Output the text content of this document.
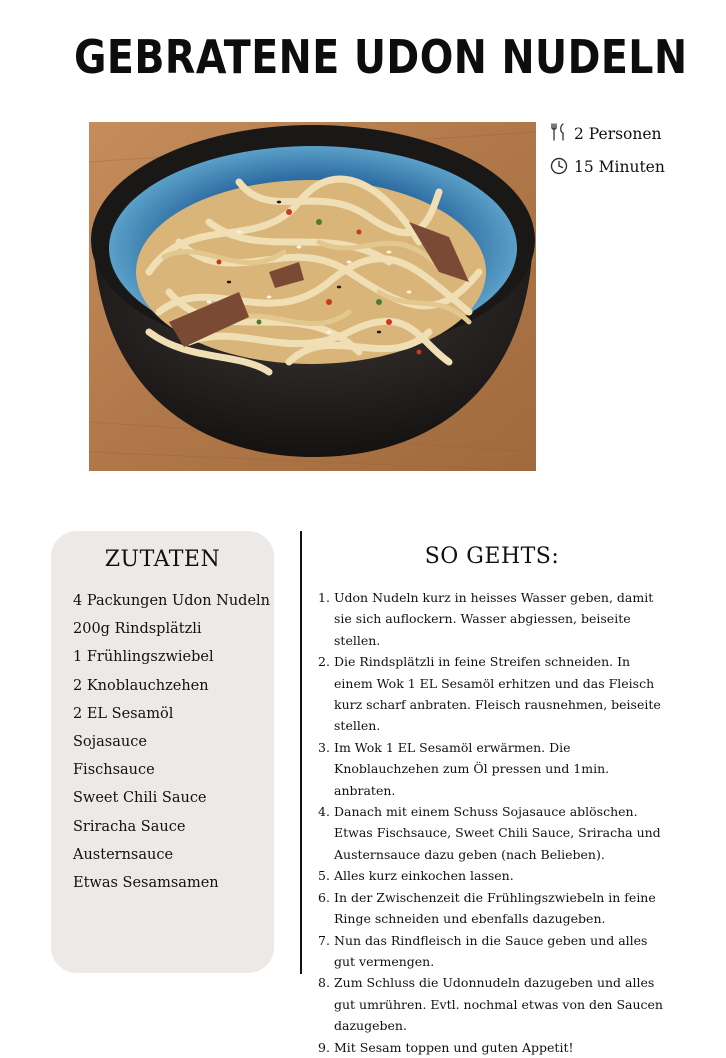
GEBRATENE UDON NUDELN
2 Personen
15 Minuten
ZUTATEN
4 Packungen Udon Nudeln
200g Rindsplätzli
1 Frühlingszwiebel
2 Knoblauchzehen
2 EL Sesamöl
Sojasauce
Fischsauce
Sweet Chili Sauce
Sriracha Sauce
Austernsauce
Etwas Sesamsamen
SO GEHTS:
1. Udon Nudeln kurz in heisses Wasser geben, damit sie sich auflockern. Wasser abgiessen, beiseite stellen.
2. Die Rindsplätzli in feine Streifen schneiden. In einem Wok 1 EL Sesamöl erhitzen und das Fleisch kurz scharf anbraten. Fleisch rausnehmen, beiseite stellen.
3. Im Wok 1 EL Sesamöl erwärmen. Die Knoblauchzehen zum Öl pressen und 1min. anbraten.
4. Danach mit einem Schuss Sojasauce ablöschen. Etwas Fischsauce, Sweet Chili Sauce, Sriracha und Austernsauce dazu geben (nach Belieben).
5. Alles kurz einkochen lassen.
6. In der Zwischenzeit die Frühlingszwiebeln in feine Ringe schneiden und ebenfalls dazugeben.
7. Nun das Rindfleisch in die Sauce geben und alles gut vermengen.
8. Zum Schluss die Udonnudeln dazugeben und alles gut umrühren. Evtl. nochmal etwas von den Saucen dazugeben.
9. Mit Sesam toppen und guten Appetit!
